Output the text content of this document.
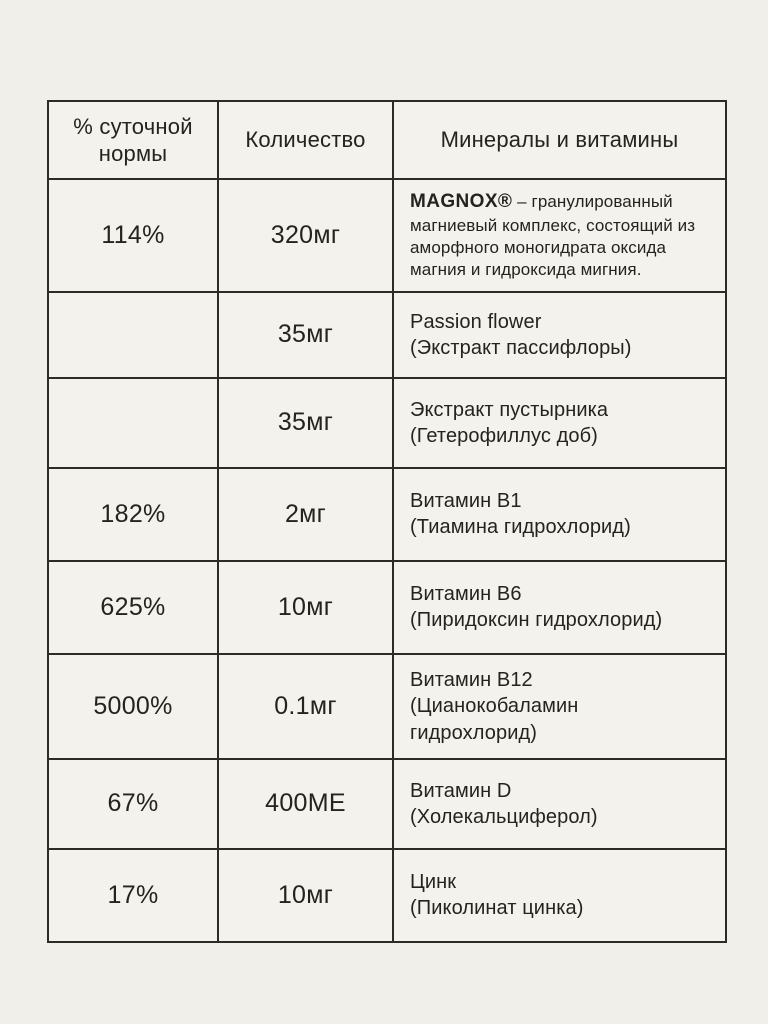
% суточной нормы	Количество	Минералы и витамины
114%	320мг	MAGNOX® – гранулированный магниевый комплекс, состоящий из аморфного моногидрата оксида магния и гидроксида мигния.
	35мг	Passion flower
(Экстракт пассифлоры)

	35мг	Экстракт пустырника
(Гетерофиллус доб)

182%	2мг	Витамин B1
(Тиамина гидрохлорид)

625%	10мг	Витамин B6
(Пиридоксин гидрохлорид)

5000%	0.1мг	Витамин B12
(Цианокобаламин гидрохлорид)

67%	400МЕ	Витамин D
(Холекальциферол)

17%	10мг	Цинк
(Пиколинат цинка)
